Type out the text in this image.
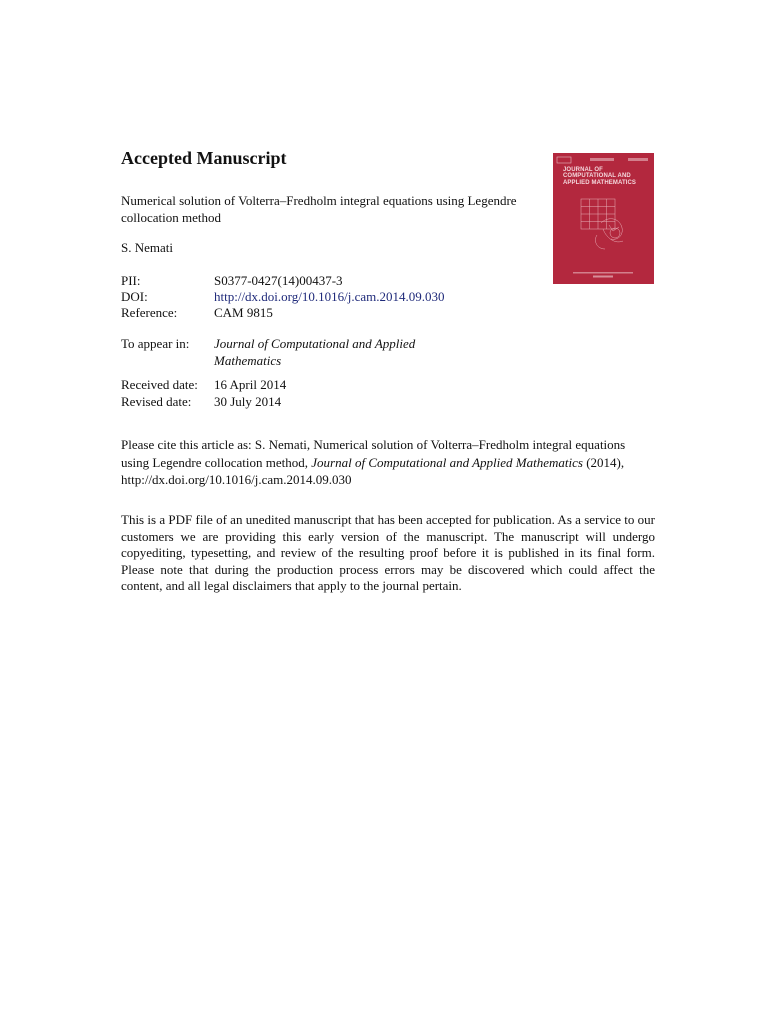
Accepted Manuscript
Numerical solution of Volterra–Fredholm integral equations using Legendre collocation method
S. Nemati
PII:	S0377-0427(14)00437-3
DOI:	http://dx.doi.org/10.1016/j.cam.2014.09.030
Reference:	CAM 9815
To appear in: Journal of Computational and Applied
Mathematics
Received date: 16 April 2014
Revised date: 30 July 2014
Please cite this article as: S. Nemati, Numerical solution of Volterra–Fredholm integral equations using Legendre collocation method, Journal of Computational and Applied Mathematics (2014), http://dx.doi.org/10.1016/j.cam.2014.09.030
This is a PDF file of an unedited manuscript that has been accepted for publication. As a service to our customers we are providing this early version of the manuscript. The manuscript will undergo copyediting, typesetting, and review of the resulting proof before it is published in its final form. Please note that during the production process errors may be discovered which could affect the content, and all legal disclaimers that apply to the journal pertain.
JOURNAL OF COMPUTATIONAL AND APPLIED MATHEMATICS
